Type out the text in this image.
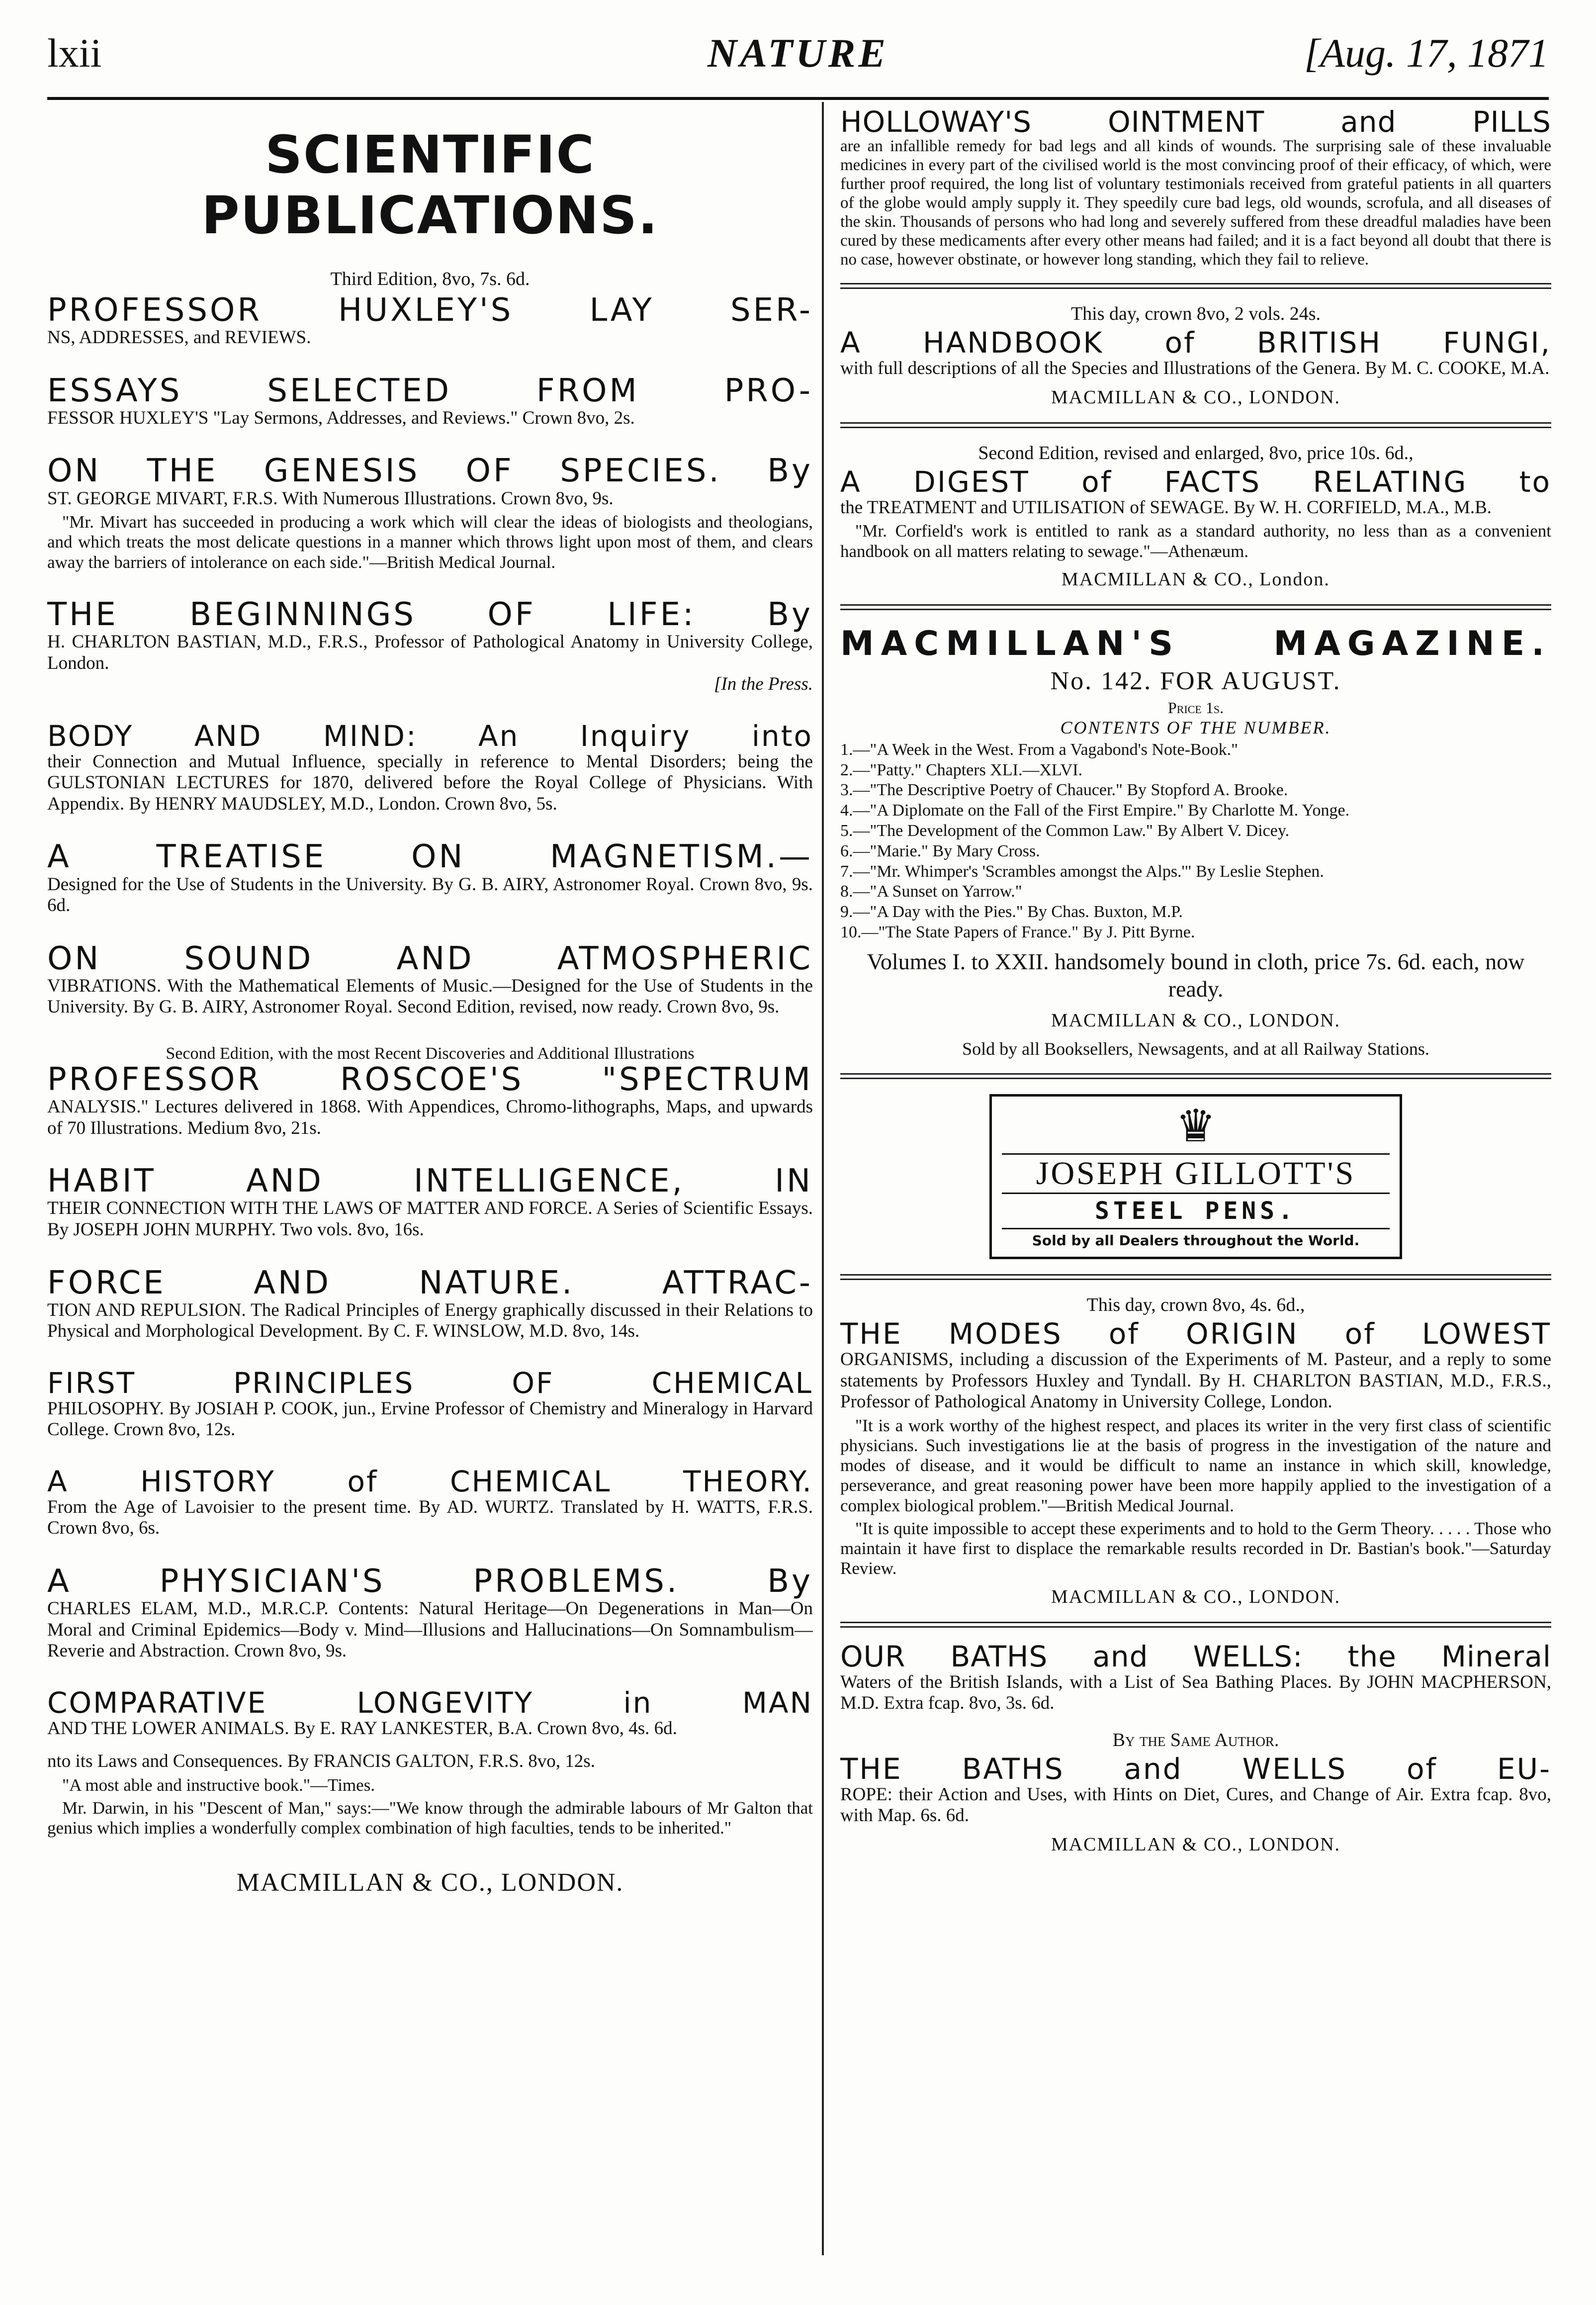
lxii	NATURE	[Aug. 17, 1871
SCIENTIFIC PUBLICATIONS.
Third Edition, 8vo, 7s. 6d.
PROFESSOR HUXLEY'S LAY SER-
NS, ADDRESSES, and REVIEWS.
ESSAYS SELECTED FROM PRO-
FESSOR HUXLEY'S "Lay Sermons, Addresses, and Reviews." Crown 8vo, 2s.
ON THE GENESIS OF SPECIES. By
ST. GEORGE MIVART, F.R.S. With Numerous Illustrations. Crown 8vo, 9s.
"Mr. Mivart has succeeded in producing a work which will clear the ideas of biologists and theologians, and which treats the most delicate questions in a manner which throws light upon most of them, and clears away the barriers of intolerance on each side."—British Medical Journal.
THE BEGINNINGS OF LIFE: By
H. CHARLTON BASTIAN, M.D., F.R.S., Professor of Pathological Anatomy in University College, London.
[In the Press.
BODY AND MIND: An Inquiry into
their Connection and Mutual Influence, specially in reference to Mental Disorders; being the GULSTONIAN LECTURES for 1870, delivered before the Royal College of Physicians. With Appendix. By HENRY MAUDSLEY, M.D., London. Crown 8vo, 5s.
A TREATISE ON MAGNETISM.—
Designed for the Use of Students in the University. By G. B. AIRY, Astronomer Royal. Crown 8vo, 9s. 6d.
ON SOUND AND ATMOSPHERIC
VIBRATIONS. With the Mathematical Elements of Music.—Designed for the Use of Students in the University. By G. B. AIRY, Astronomer Royal. Second Edition, revised, now ready. Crown 8vo, 9s.
Second Edition, with the most Recent Discoveries and Additional Illustrations
PROFESSOR ROSCOE'S "SPECTRUM
ANALYSIS." Lectures delivered in 1868. With Appendices, Chromo-lithographs, Maps, and upwards of 70 Illustrations. Medium 8vo, 21s.
HABIT AND INTELLIGENCE, IN
THEIR CONNECTION WITH THE LAWS OF MATTER AND FORCE. A Series of Scientific Essays. By JOSEPH JOHN MURPHY. Two vols. 8vo, 16s.
FORCE AND NATURE. ATTRAC-
TION AND REPULSION. The Radical Principles of Energy graphically discussed in their Relations to Physical and Morphological Development. By C. F. WINSLOW, M.D. 8vo, 14s.
FIRST PRINCIPLES OF CHEMICAL
PHILOSOPHY. By JOSIAH P. COOK, jun., Ervine Professor of Chemistry and Mineralogy in Harvard College. Crown 8vo, 12s.
A HISTORY of CHEMICAL THEORY.
From the Age of Lavoisier to the present time. By AD. WURTZ. Translated by H. WATTS, F.R.S. Crown 8vo, 6s.
A PHYSICIAN'S PROBLEMS. By
CHARLES ELAM, M.D., M.R.C.P. Contents: Natural Heritage—On Degenerations in Man—On Moral and Criminal Epidemics—Body v. Mind—Illusions and Hallucinations—On Somnambulism—Reverie and Abstraction. Crown 8vo, 9s.
COMPARATIVE LONGEVITY in MAN
AND THE LOWER ANIMALS. By E. RAY LANKESTER, B.A. Crown 8vo, 4s. 6d.
nto its Laws and Consequences. By FRANCIS GALTON, F.R.S. 8vo, 12s.
"A most able and instructive book."—Times.
Mr. Darwin, in his "Descent of Man," says:—"We know through the admirable labours of Mr Galton that genius which implies a wonderfully complex combination of high faculties, tends to be inherited."
MACMILLAN & CO., LONDON.
HOLLOWAY'S OINTMENT and PILLS
are an infallible remedy for bad legs and all kinds of wounds. The surprising sale of these invaluable medicines in every part of the civilised world is the most convincing proof of their efficacy, of which, were further proof required, the long list of voluntary testimonials received from grateful patients in all quarters of the globe would amply supply it. They speedily cure bad legs, old wounds, scrofula, and all diseases of the skin. Thousands of persons who had long and severely suffered from these dreadful maladies have been cured by these medicaments after every other means had failed; and it is a fact beyond all doubt that there is no case, however obstinate, or however long standing, which they fail to relieve.
This day, crown 8vo, 2 vols. 24s.
A HANDBOOK of BRITISH FUNGI,
with full descriptions of all the Species and Illustrations of the Genera. By M. C. COOKE, M.A.
MACMILLAN & CO., LONDON.
Second Edition, revised and enlarged, 8vo, price 10s. 6d.,
A DIGEST of FACTS RELATING to
the TREATMENT and UTILISATION of SEWAGE. By W. H. CORFIELD, M.A., M.B.
"Mr. Corfield's work is entitled to rank as a standard authority, no less than as a convenient handbook on all matters relating to sewage."—Athenæum.
MACMILLAN & CO., London.
MACMILLAN'S MAGAZINE.
No. 142. FOR AUGUST.
Price 1s.
CONTENTS OF THE NUMBER.
1.—"A Week in the West. From a Vagabond's Note-Book."
2.—"Patty." Chapters XLI.—XLVI.
3.—"The Descriptive Poetry of Chaucer." By Stopford A. Brooke.
4.—"A Diplomate on the Fall of the First Empire." By Charlotte M. Yonge.
5.—"The Development of the Common Law." By Albert V. Dicey.
6.—"Marie." By Mary Cross.
7.—"Mr. Whimper's 'Scrambles amongst the Alps.'" By Leslie Stephen.
8.—"A Sunset on Yarrow."
9.—"A Day with the Pies." By Chas. Buxton, M.P.
10.—"The State Papers of France." By J. Pitt Byrne.
Volumes I. to XXII. handsomely bound in cloth, price 7s. 6d. each, now ready.
MACMILLAN & CO., LONDON.
Sold by all Booksellers, Newsagents, and at all Railway Stations.
♛
JOSEPH GILLOTT'S
STEEL PENS.
Sold by all Dealers throughout the World.
This day, crown 8vo, 4s. 6d.,
THE MODES of ORIGIN of LOWEST
ORGANISMS, including a discussion of the Experiments of M. Pasteur, and a reply to some statements by Professors Huxley and Tyndall. By H. CHARLTON BASTIAN, M.D., F.R.S., Professor of Pathological Anatomy in University College, London.
"It is a work worthy of the highest respect, and places its writer in the very first class of scientific physicians. Such investigations lie at the basis of progress in the investigation of the nature and modes of disease, and it would be difficult to name an instance in which skill, knowledge, perseverance, and great reasoning power have been more happily applied to the investigation of a complex biological problem."—British Medical Journal.
"It is quite impossible to accept these experiments and to hold to the Germ Theory. . . . . Those who maintain it have first to displace the remarkable results recorded in Dr. Bastian's book."—Saturday Review.
MACMILLAN & CO., LONDON.
OUR BATHS and WELLS: the Mineral
Waters of the British Islands, with a List of Sea Bathing Places. By JOHN MACPHERSON, M.D. Extra fcap. 8vo, 3s. 6d.
By the Same Author.
THE BATHS and WELLS of EU-
ROPE: their Action and Uses, with Hints on Diet, Cures, and Change of Air. Extra fcap. 8vo, with Map. 6s. 6d.
MACMILLAN & CO., LONDON.
